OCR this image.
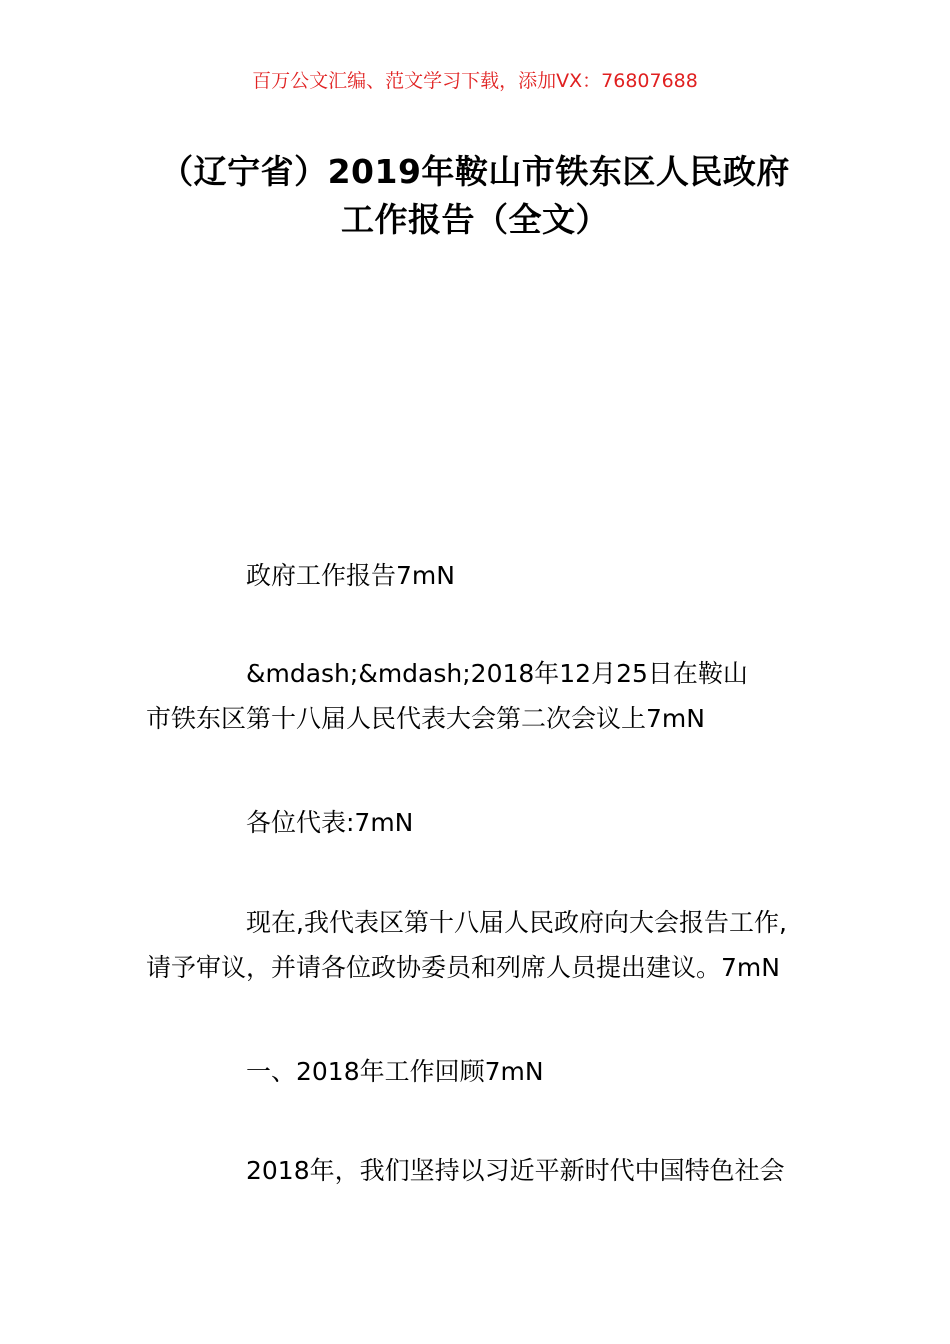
百万公文汇编、范文学习下载，添加VX：76807688
（辽宁省）2019年鞍山市铁东区人民政府
工作报告（全文）
政府工作报告7mN
&mdash;&mdash;2018年12月25日在鞍山
市铁东区第十八届人民代表大会第二次会议上7mN
各位代表:7mN
现在,我代表区第十八届人民政府向大会报告工作,
请予审议，并请各位政协委员和列席人员提出建议。7mN
一、2018年工作回顾7mN
2018年，我们坚持以习近平新时代中国特色社会
